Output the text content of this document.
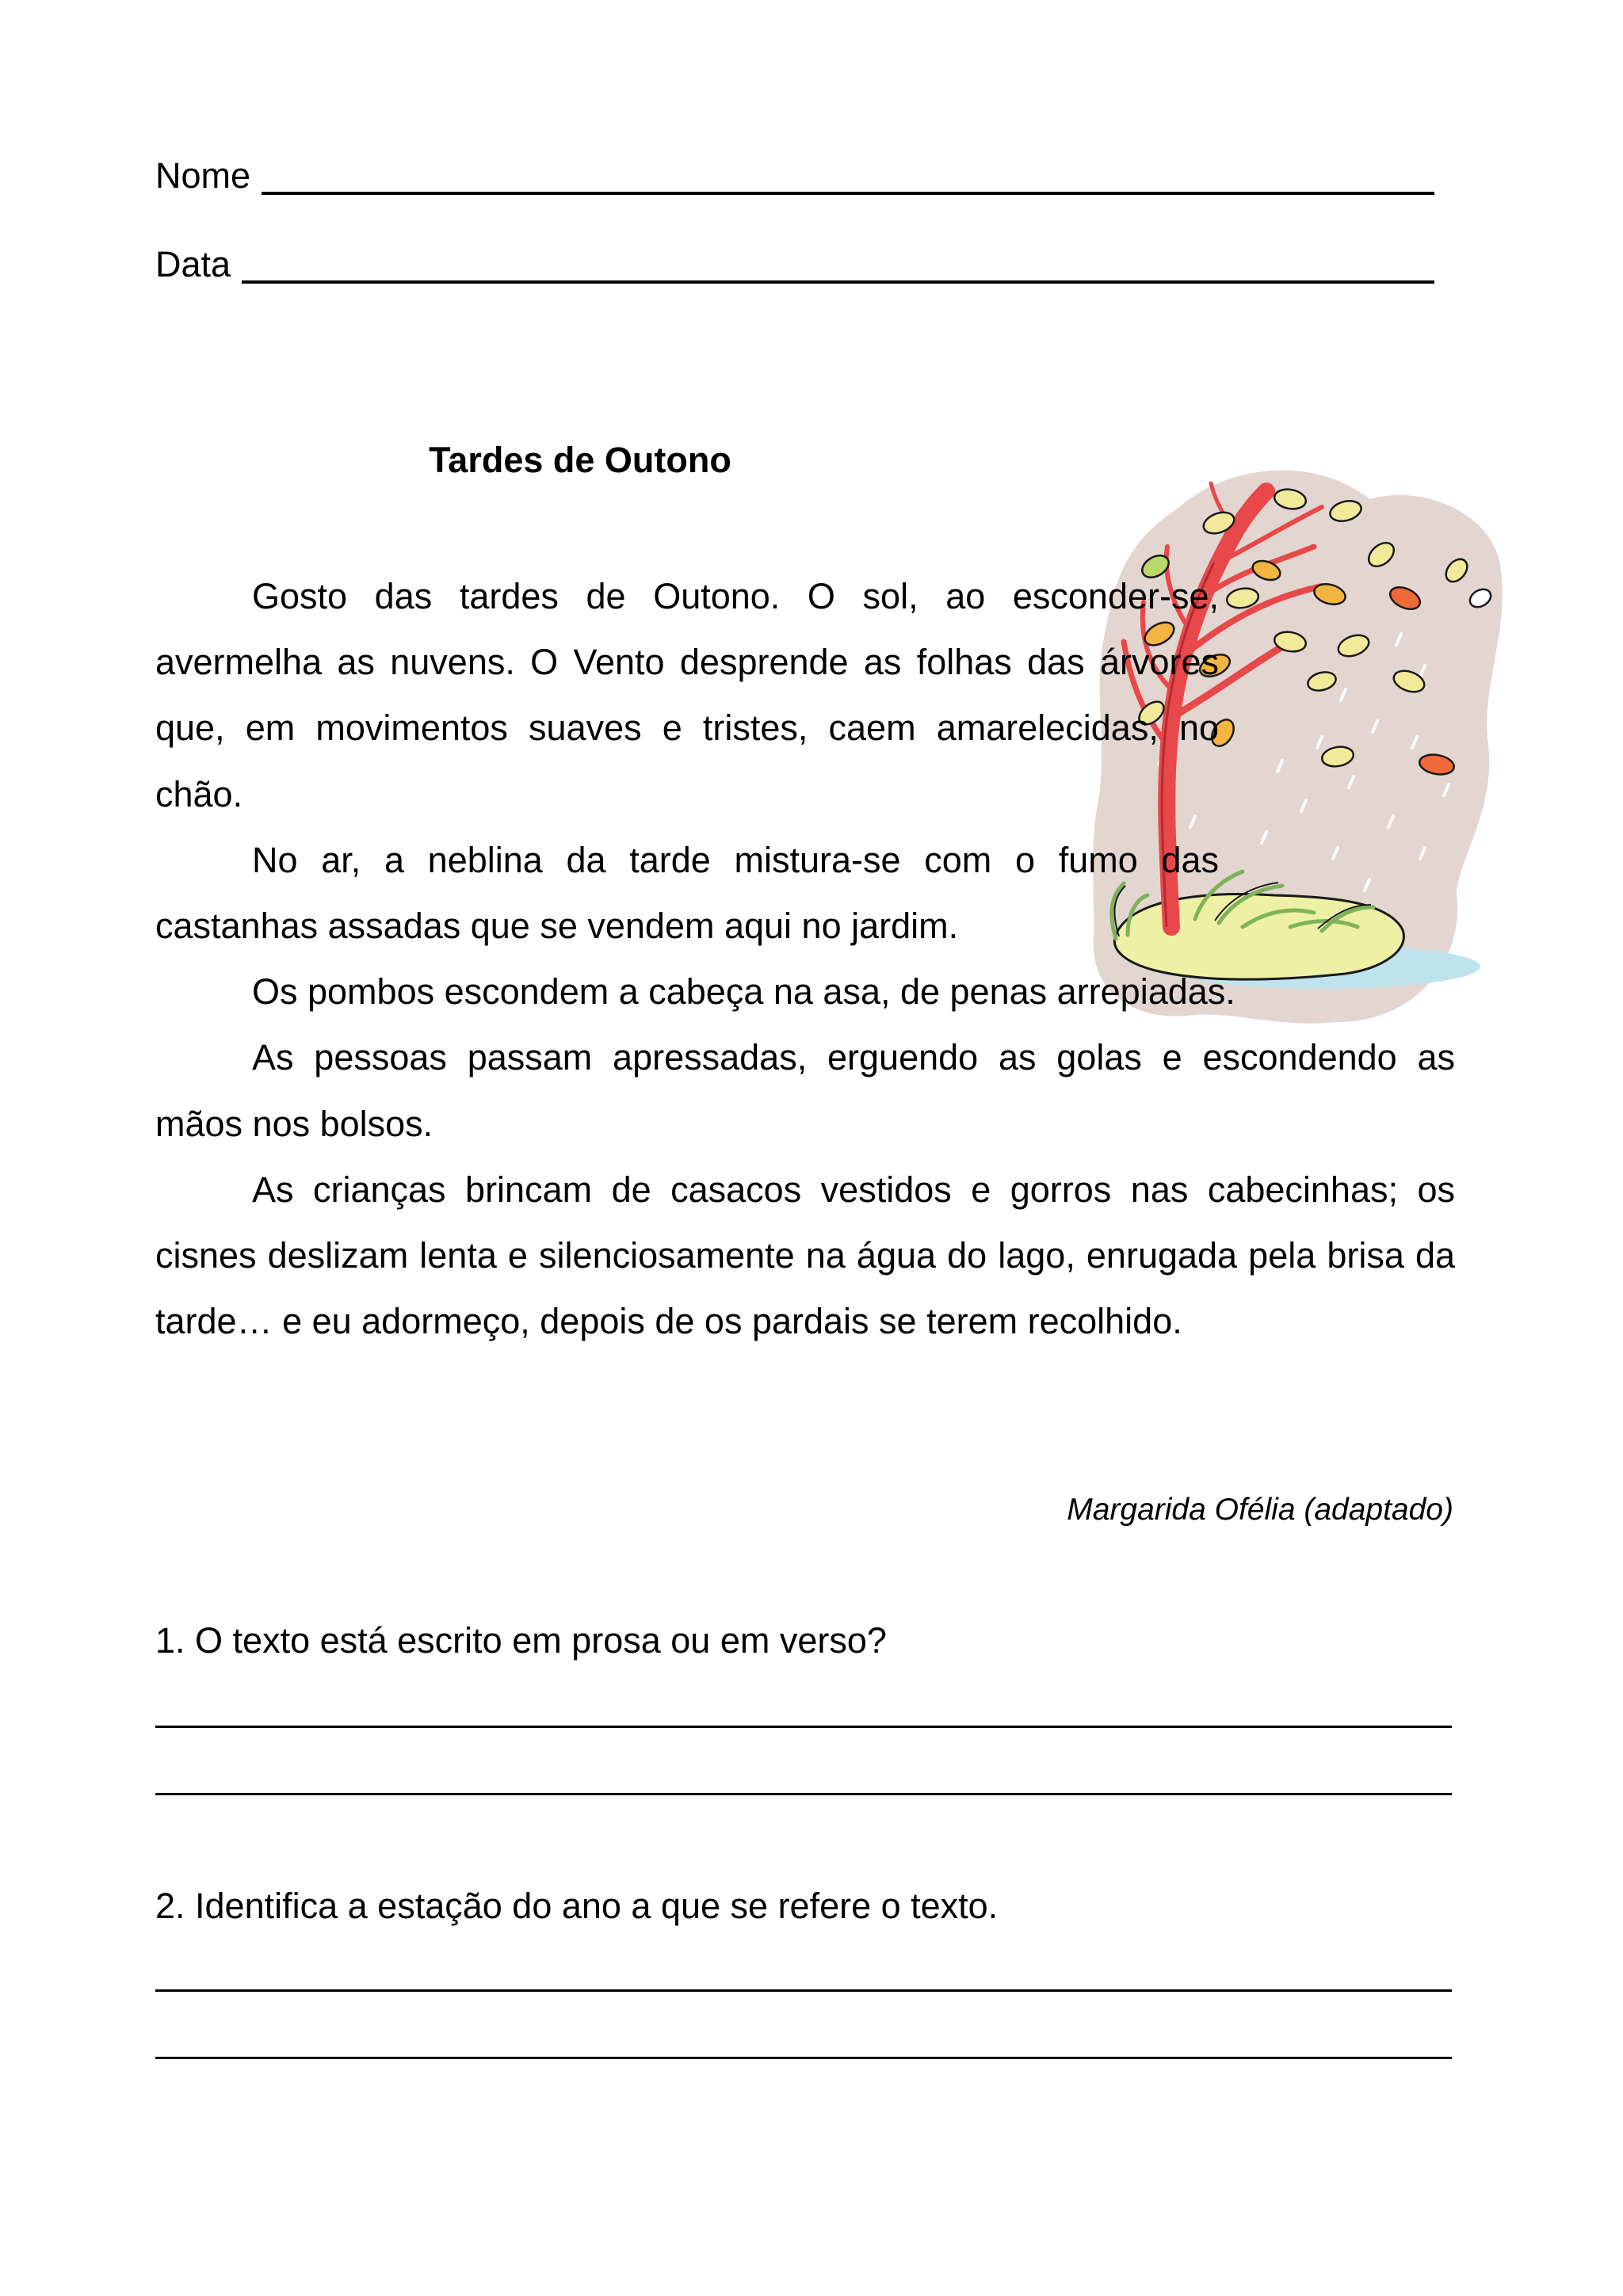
Nome
Data
Tardes de Outono

Gosto das tardes de Outono. O sol, ao esconder-se, avermelha as nuvens. O Vento desprende as folhas das árvores que, em movimentos suaves e tristes, caem amarelecidas, no chão.

No ar, a neblina da tarde mistura-se com o fumo das castanhas assadas que se vendem aqui no jardim.

Os pombos escondem a cabeça na asa, de penas arrepiadas.

As pessoas passam apressadas, erguendo as golas e escondendo as mãos nos bolsos.

As crianças brincam de casacos vestidos e gorros nas cabecinhas; os cisnes deslizam lenta e silenciosamente na água do lago, enrugada pela brisa da tarde… e eu adormeço, depois de os pardais se terem recolhido.

Margarida Ofélia (adaptado)
1. O texto está escrito em prosa ou em verso?
2. Identifica a estação do ano a que se refere o texto.
